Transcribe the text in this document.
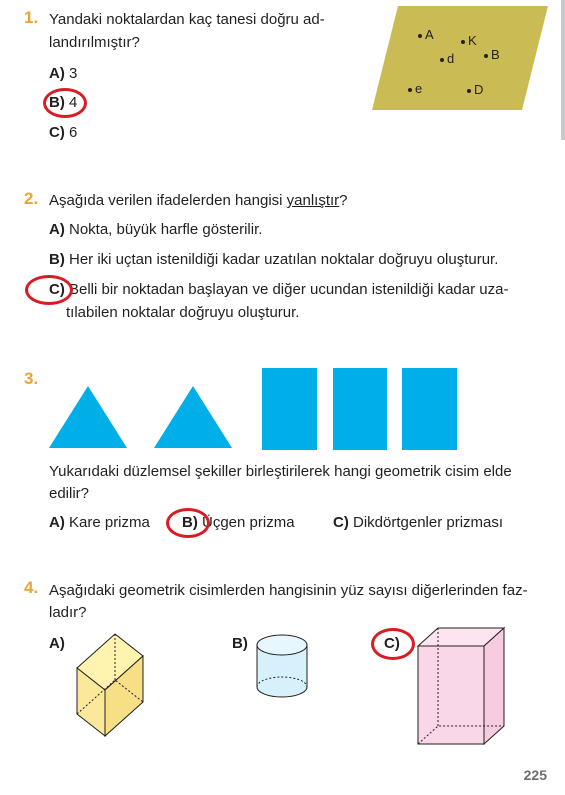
1. Yandaki noktalardan kaç tanesi doğru ad-
landırılmıştır?
A) 3
B) 4
C) 6
A	K
d	B
e	D
2. Aşağıda verilen ifadelerden hangisi yanlıştır?
A) Nokta, büyük harfle gösterilir.
B) Her iki uçtan istenildiği kadar uzatılan noktalar doğruyu oluşturur.
C) Belli bir noktadan başlayan ve diğer ucundan istenildiği kadar uza-
tılabilen noktalar doğruyu oluşturur.
3.
Yukarıdaki düzlemsel şekiller birleştirilerek hangi geometrik cisim elde
edilir?
A) Kare prizma B) Üçgen prizma	C) Dikdörtgenler prizması
4. Aşağıdaki geometrik cisimlerden hangisinin yüz sayısı diğerlerinden faz-
ladır?
A)	B)	C)
225
